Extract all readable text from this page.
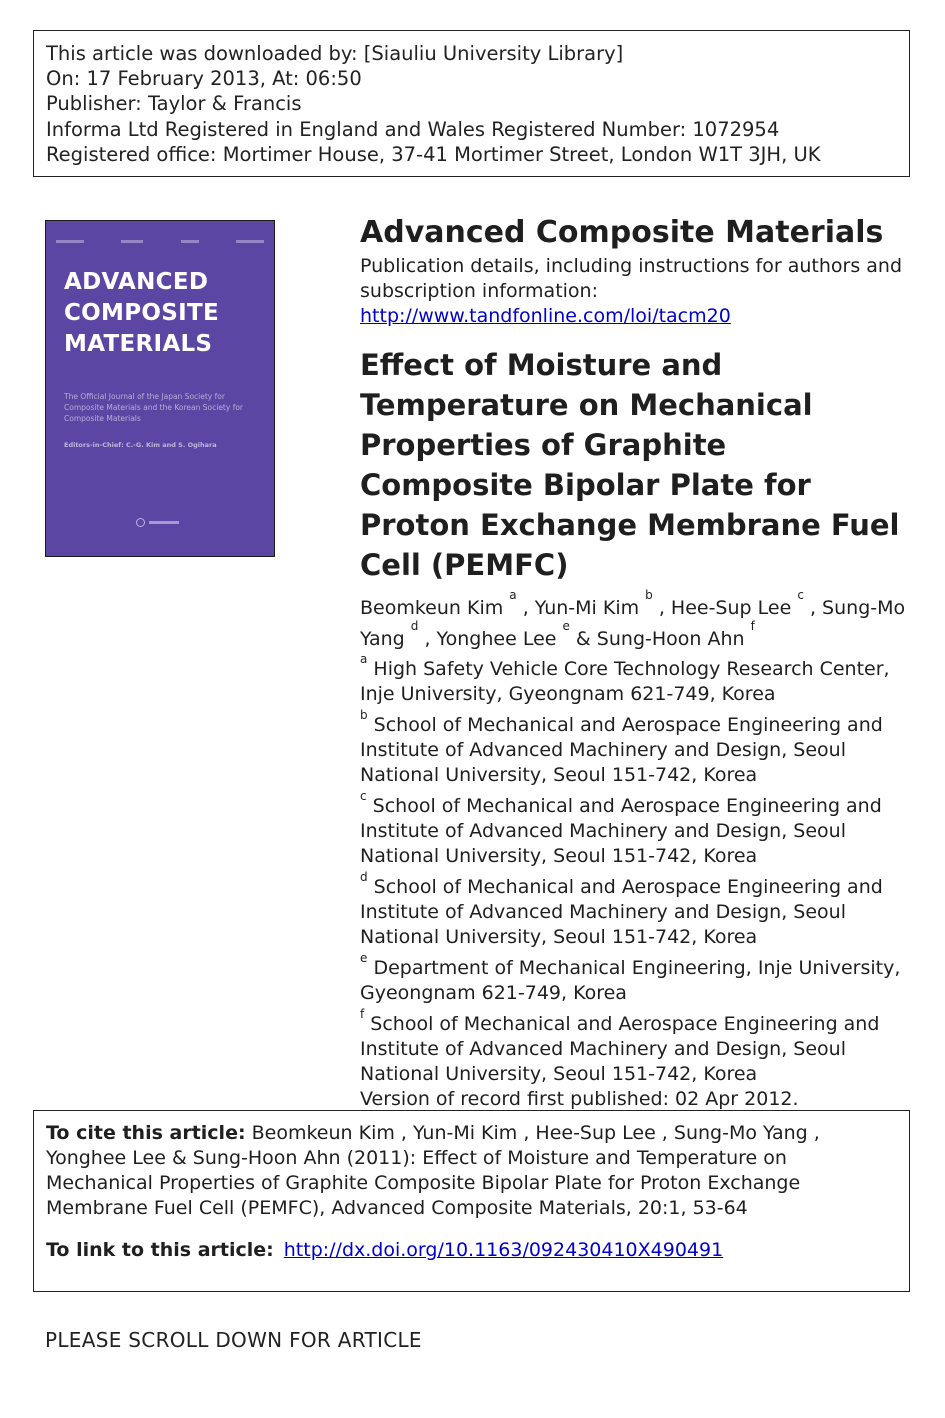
This article was downloaded by: [Siauliu University Library]
On: 17 February 2013, At: 06:50
Publisher: Taylor & Francis
Informa Ltd Registered in England and Wales Registered Number: 1072954
Registered office: Mortimer House, 37-41 Mortimer Street, London W1T 3JH, UK
ADVANCED
COMPOSITE
MATERIALS
The Official Journal of the Japan Society for Composite Materials and the Korean Society for Composite Materials
Editors-in-Chief: C.-G. Kim and S. Ogihara
Advanced Composite Materials
Publication details, including instructions for authors and subscription information:
http://www.tandfonline.com/loi/tacm20
Effect of Moisture and Temperature on Mechanical Properties of Graphite Composite Bipolar Plate for Proton Exchange Membrane Fuel Cell (PEMFC)
Beomkeun Kim $^a$ , Yun-Mi Kim $^b$ , Hee-Sup Lee $^c$ , Sung-Mo Yang $^d$ , Yonghee Lee $^e$ & Sung-Hoon Ahn $^f$
$^a$ High Safety Vehicle Core Technology Research Center, Inje University, Gyeongnam 621-749, Korea
$^b$ School of Mechanical and Aerospace Engineering and Institute of Advanced Machinery and Design, Seoul National University, Seoul 151-742, Korea
$^c$ School of Mechanical and Aerospace Engineering and Institute of Advanced Machinery and Design, Seoul National University, Seoul 151-742, Korea
$^d$ School of Mechanical and Aerospace Engineering and Institute of Advanced Machinery and Design, Seoul National University, Seoul 151-742, Korea
$^e$ Department of Mechanical Engineering, Inje University, Gyeongnam 621-749, Korea
$^f$ School of Mechanical and Aerospace Engineering and Institute of Advanced Machinery and Design, Seoul National University, Seoul 151-742, Korea
Version of record first published: 02 Apr 2012.
To cite this article: Beomkeun Kim , Yun-Mi Kim , Hee-Sup Lee , Sung-Mo Yang , Yonghee Lee & Sung-Hoon Ahn (2011): Effect of Moisture and Temperature on Mechanical Properties of Graphite Composite Bipolar Plate for Proton Exchange Membrane Fuel Cell (PEMFC), Advanced Composite Materials, 20:1, 53-64
To link to this article: http://dx.doi.org/10.1163/092430410X490491
PLEASE SCROLL DOWN FOR ARTICLE
